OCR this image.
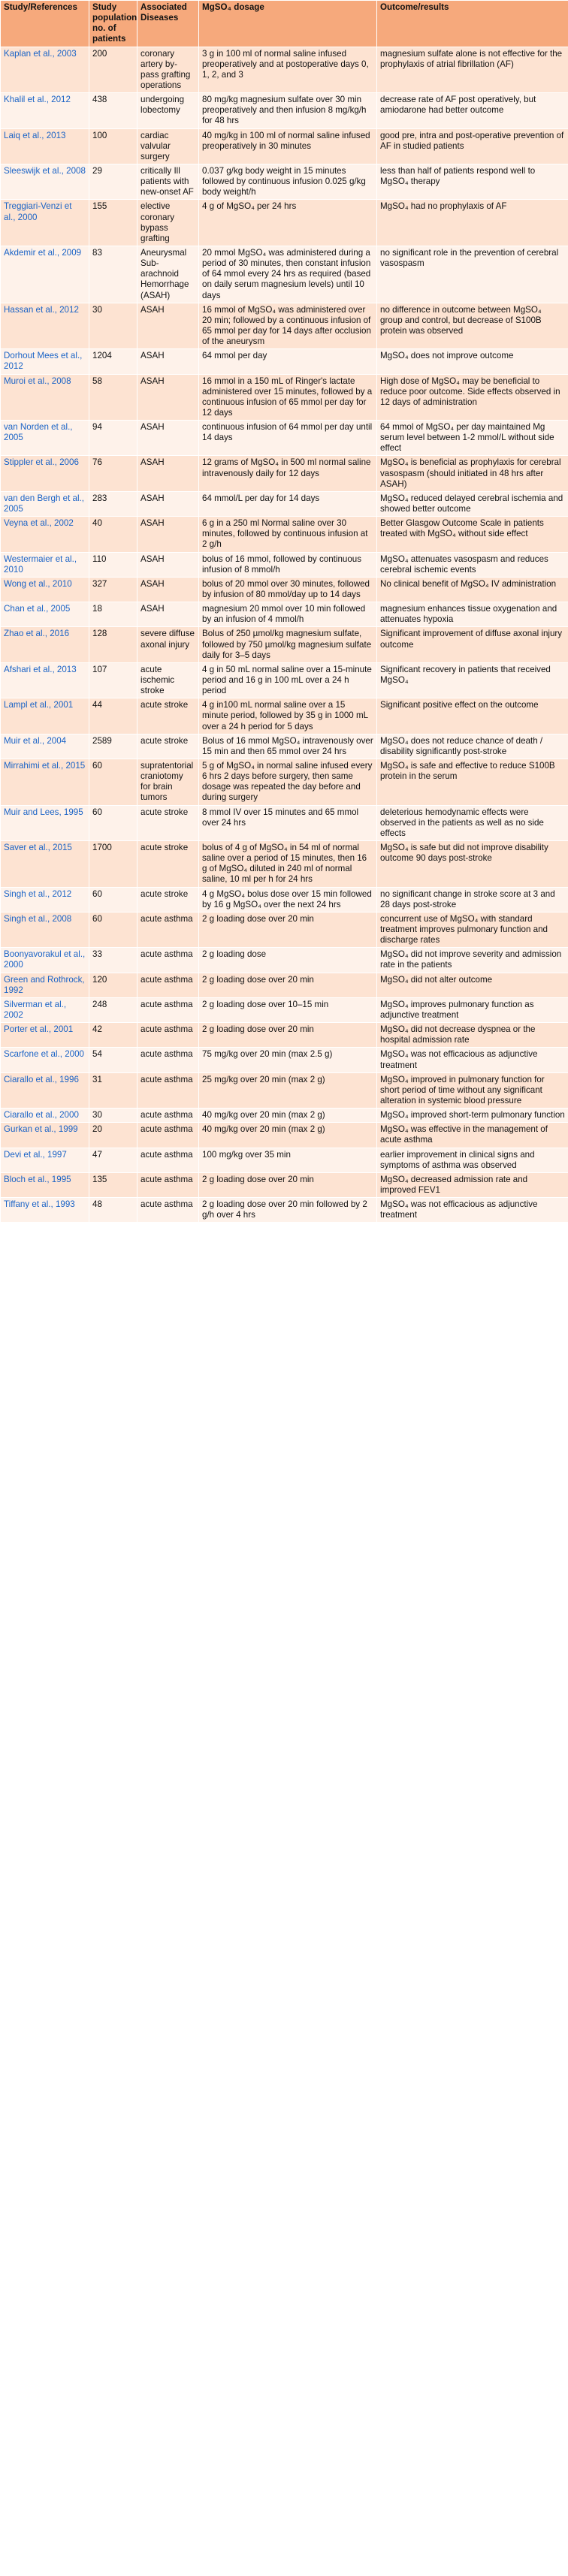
Study/References	Study population no. of patients	Associated Diseases	MgSO₄ dosage	Outcome/results
Kaplan et al., 2003	200	coronary artery by-pass grafting operations	3 g in 100 ml of normal saline infused preoperatively and at postoperative days 0, 1, 2, and 3	magnesium sulfate alone is not effective for the prophylaxis of atrial fibrillation (AF)
Khalil et al., 2012	438	undergoing lobectomy	80 mg/kg magnesium sulfate over 30 min preoperatively and then infusion 8 mg/kg/h for 48 hrs	decrease rate of AF post operatively, but amiodarone had better outcome
Laiq et al., 2013	100	cardiac valvular surgery	40 mg/kg in 100 ml of normal saline infused preoperatively in 30 minutes	good pre, intra and post-operative prevention of AF in studied patients
Sleeswijk et al., 2008	29	critically Ill patients with new-onset AF	0.037 g/kg body weight in 15 minutes followed by continuous infusion 0.025 g/kg body weight/h	less than half of patients respond well to MgSO₄ therapy
Treggiari-Venzi et al., 2000	155	elective coronary bypass grafting	4 g of MgSO₄ per 24 hrs	MgSO₄ had no prophylaxis of AF
Akdemir et al., 2009	83	Aneurysmal Sub-arachnoid Hemorrhage (ASAH)	20 mmol MgSO₄ was administered during a period of 30 minutes, then constant infusion of 64 mmol every 24 hrs as required (based on daily serum magnesium levels) until 10 days	no significant role in the prevention of cerebral vasospasm
Hassan et al., 2012	30	ASAH	16 mmol of MgSO₄ was administered over 20 min; followed by a continuous infusion of 65 mmol per day for 14 days after occlusion of the aneurysm	no difference in outcome between MgSO₄ group and control, but decrease of S100B protein was observed
Dorhout Mees et al., 2012	1204	ASAH	64 mmol per day	MgSO₄ does not improve outcome
Muroi et al., 2008	58	ASAH	16 mmol in a 150 mL of Ringer's lactate administered over 15 minutes, followed by a continuous infusion of 65 mmol per day for 12 days	High dose of MgSO₄ may be beneficial to reduce poor outcome. Side effects observed in 12 days of administration
van Norden et al., 2005	94	ASAH	continuous infusion of 64 mmol per day until 14 days	64 mmol of MgSO₄ per day maintained Mg serum level between 1-2 mmol/L without side effect
Stippler et al., 2006	76	ASAH	12 grams of MgSO₄ in 500 ml normal saline intravenously daily for 12 days	MgSO₄ is beneficial as prophylaxis for cerebral vasospasm (should initiated in 48 hrs after ASAH)
van den Bergh et al., 2005	283	ASAH	64 mmol/L per day for 14 days	MgSO₄ reduced delayed cerebral ischemia and showed better outcome
Veyna et al., 2002	40	ASAH	6 g in a 250 ml Normal saline over 30 minutes, followed by continuous infusion at 2 g/h	Better Glasgow Outcome Scale in patients treated with MgSO₄ without side effect
Westermaier et al., 2010	110	ASAH	bolus of 16 mmol, followed by continuous infusion of 8 mmol/h	MgSO₄ attenuates vasospasm and reduces cerebral ischemic events
Wong et al., 2010	327	ASAH	bolus of 20 mmol over 30 minutes, followed by infusion of 80 mmol/day up to 14 days	No clinical benefit of MgSO₄ IV administration
Chan et al., 2005	18	ASAH	magnesium 20 mmol over 10 min followed by an infusion of 4 mmol/h	magnesium enhances tissue oxygenation and attenuates hypoxia
Zhao et al., 2016	128	severe diffuse axonal injury	Bolus of 250 µmol/kg magnesium sulfate, followed by 750 µmol/kg magnesium sulfate daily for 3–5 days	Significant improvement of diffuse axonal injury outcome
Afshari et al., 2013	107	acute ischemic stroke	4 g in 50 mL normal saline over a 15-minute period and 16 g in 100 mL over a 24 h period	Significant recovery in patients that received MgSO₄
Lampl et al., 2001	44	acute stroke	4 g in100 mL normal saline over a 15 minute period, followed by 35 g in 1000 mL over a 24 h period for 5 days	Significant positive effect on the outcome
Muir et al., 2004	2589	acute stroke	Bolus of 16 mmol MgSO₄ intravenously over 15 min and then 65 mmol over 24 hrs	MgSO₄ does not reduce chance of death / disability significantly post-stroke
Mirrahimi et al., 2015	60	supratentorial craniotomy for brain tumors	5 g of MgSO₄ in normal saline infused every 6 hrs 2 days before surgery, then same dosage was repeated the day before and during surgery	MgSO₄ is safe and effective to reduce S100B protein in the serum
Muir and Lees, 1995	60	acute stroke	8 mmol IV over 15 minutes and 65 mmol over 24 hrs	deleterious hemodynamic effects were observed in the patients as well as no side effects
Saver et al., 2015	1700	acute stroke	bolus of 4 g of MgSO₄ in 54 ml of normal saline over a period of 15 minutes, then 16 g of MgSO₄ diluted in 240 ml of normal saline, 10 ml per h for 24 hrs	MgSO₄ is safe but did not improve disability outcome 90 days post-stroke
Singh et al., 2012	60	acute stroke	4 g MgSO₄ bolus dose over 15 min followed by 16 g MgSO₄ over the next 24 hrs	no significant change in stroke score at 3 and 28 days post-stroke
Singh et al., 2008	60	acute asthma	2 g loading dose over 20 min	concurrent use of MgSO₄ with standard treatment improves pulmonary function and discharge rates
Boonyavorakul et al., 2000	33	acute asthma	2 g loading dose	MgSO₄ did not improve severity and admission rate in the patients
Green and Rothrock, 1992	120	acute asthma	2 g loading dose over 20 min	MgSO₄ did not alter outcome
Silverman et al., 2002	248	acute asthma	2 g loading dose over 10–15 min	MgSO₄ improves pulmonary function as adjunctive treatment
Porter et al., 2001	42	acute asthma	2 g loading dose over 20 min	MgSO₄ did not decrease dyspnea or the hospital admission rate
Scarfone et al., 2000	54	acute asthma	75 mg/kg over 20 min (max 2.5 g)	MgSO₄ was not efficacious as adjunctive treatment
Ciarallo et al., 1996	31	acute asthma	25 mg/kg over 20 min (max 2 g)	MgSO₄ improved in pulmonary function for short period of time without any significant alteration in systemic blood pressure
Ciarallo et al., 2000	30	acute asthma	40 mg/kg over 20 min (max 2 g)	MgSO₄ improved short-term pulmonary function
Gurkan et al., 1999	20	acute asthma	40 mg/kg over 20 min (max 2 g)	MgSO₄ was effective in the management of acute asthma
Devi et al., 1997	47	acute asthma	100 mg/kg over 35 min	earlier improvement in clinical signs and symptoms of asthma was observed
Bloch et al., 1995	135	acute asthma	2 g loading dose over 20 min	MgSO₄ decreased admission rate and improved FEV1
Tiffany et al., 1993	48	acute asthma	2 g loading dose over 20 min followed by 2 g/h over 4 hrs	MgSO₄ was not efficacious as adjunctive treatment
